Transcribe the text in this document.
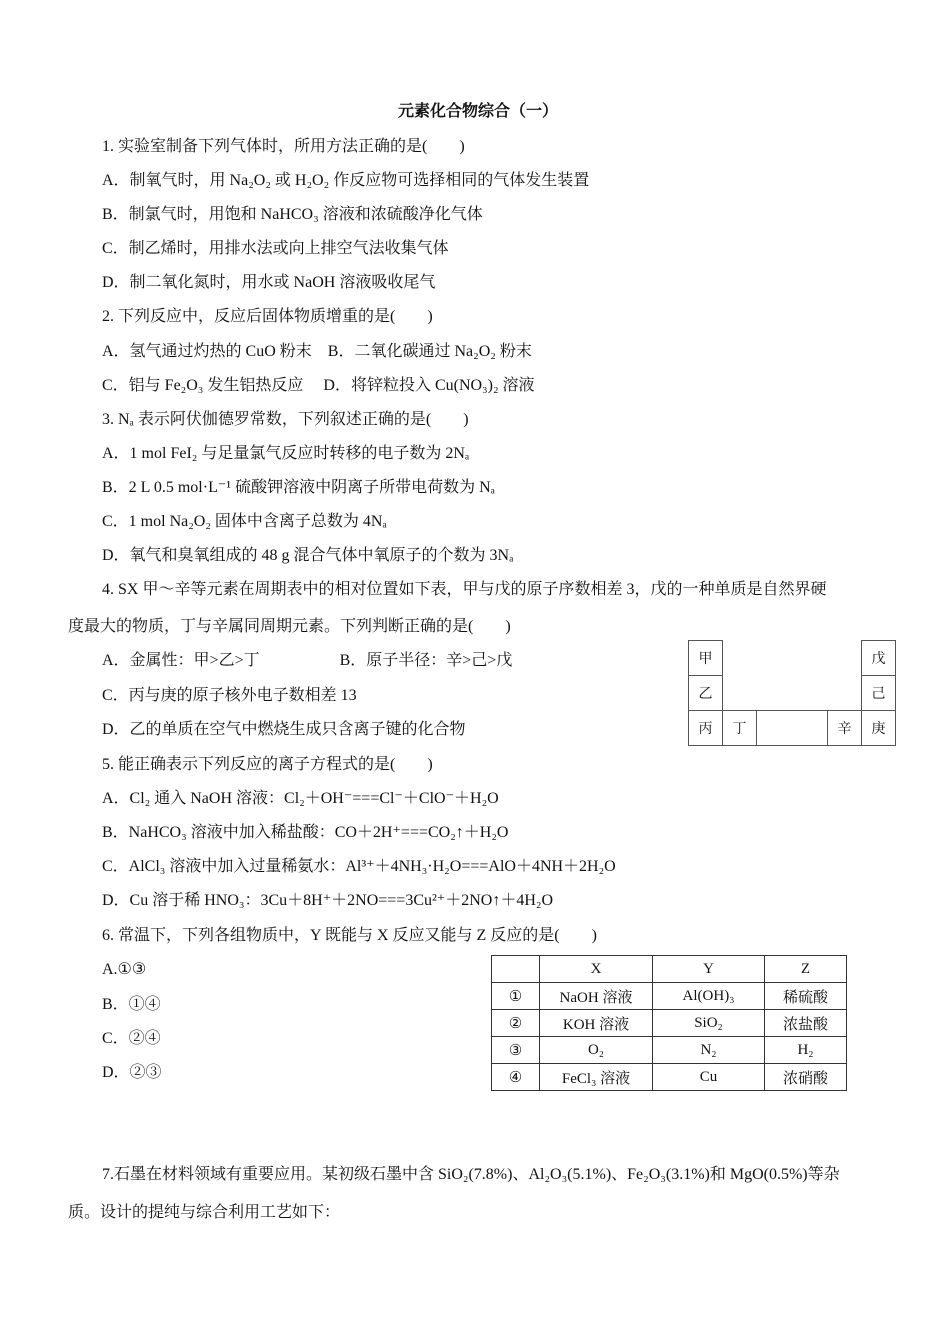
元素化合物综合（一）
1. 实验室制备下列气体时，所用方法正确的是(　　)
A．制氧气时，用 Na₂O₂ 或 H₂O₂ 作反应物可选择相同的气体发生装置
B．制氯气时，用饱和 NaHCO₃ 溶液和浓硫酸净化气体
C．制乙烯时，用排水法或向上排空气法收集气体
D．制二氧化氮时，用水或 NaOH 溶液吸收尾气
2. 下列反应中，反应后固体物质增重的是(　　)
A．氢气通过灼热的 CuO 粉末　B．二氧化碳通过 Na₂O₂ 粉末
C．铝与 Fe₂O₃ 发生铝热反应　 D．将锌粒投入 Cu(NO₃)₂ 溶液
3. Nₐ 表示阿伏伽德罗常数，下列叙述正确的是(　　)
A．1 mol FeI₂ 与足量氯气反应时转移的电子数为 2Nₐ
B．2 L 0.5 mol·L⁻¹ 硫酸钾溶液中阴离子所带电荷数为 Nₐ
C．1 mol Na₂O₂ 固体中含离子总数为 4Nₐ
D．氧气和臭氧组成的 48 g 混合气体中氧原子的个数为 3Nₐ
4. SX 甲～辛等元素在周期表中的相对位置如下表，甲与戊的原子序数相差 3，戊的一种单质是自然界硬
度最大的物质，丁与辛属同周期元素。下列判断正确的是(　　)
A．金属性：甲>乙>丁　　　　　B．原子半径：辛>己>戊
C．丙与庚的原子核外电子数相差 13
D．乙的单质在空气中燃烧生成只含离子键的化合物
甲				戊
乙				己
丙	丁		辛	庚
5. 能正确表示下列反应的离子方程式的是(　　)
A．Cl₂ 通入 NaOH 溶液：Cl₂＋OH⁻===Cl⁻＋ClO⁻＋H₂O
B．NaHCO₃ 溶液中加入稀盐酸：CO＋2H⁺===CO₂↑＋H₂O
C．AlCl₃ 溶液中加入过量稀氨水：Al³⁺＋4NH₃·H₂O===AlO＋4NH＋2H₂O
D．Cu 溶于稀 HNO₃：3Cu＋8H⁺＋2NO===3Cu²⁺＋2NO↑＋4H₂O
6. 常温下，下列各组物质中，Y 既能与 X 反应又能与 Z 反应的是(　　)
A.①③
B．①④
C．②④
D．②③
	X	Y	Z
①	NaOH 溶液	Al(OH)₃	稀硫酸
②	KOH 溶液	SiO₂	浓盐酸
③	O₂	N₂	H₂
④	FeCl₃ 溶液	Cu	浓硝酸
7.石墨在材料领域有重要应用。某初级石墨中含 SiO₂(7.8%)、Al₂O₃(5.1%)、Fe₂O₃(3.1%)和 MgO(0.5%)等杂
质。设计的提纯与综合利用工艺如下：
